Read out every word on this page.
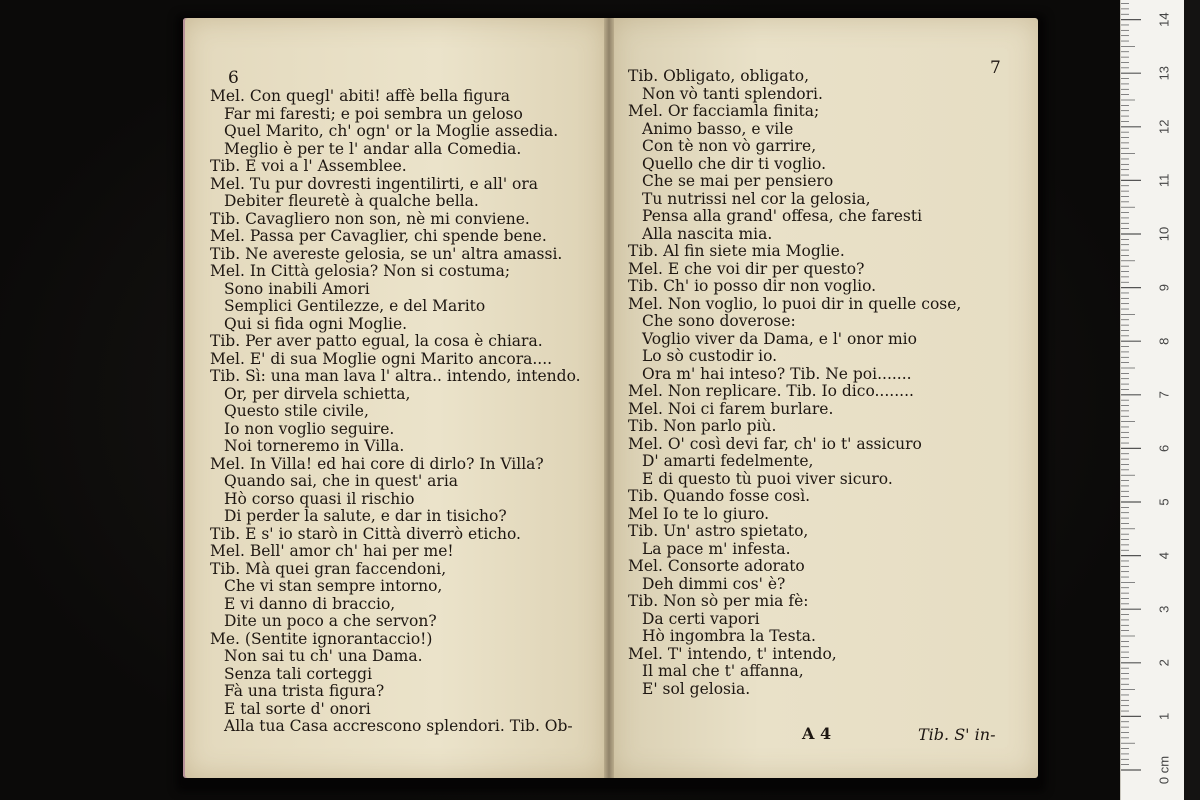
6	7
Mel. Con quegl' abiti! affè bella figura
Far mi faresti; e poi sembra un geloso
Quel Marito, ch' ogn' or la Moglie assedia.
Meglio è per te l' andar alla Comedia.
Tib. E voi a l' Assemblee.
Mel. Tu pur dovresti ingentilirti, e all' ora
Debiter fleuretè à qualche bella.
Tib. Cavagliero non son, nè mi conviene.
Mel. Passa per Cavaglier, chi spende bene.
Tib. Ne avereste gelosia, se un' altra amassi.
Mel. In Città gelosia? Non si costuma;
Sono inabili Amori
Semplici Gentilezze, e del Marito
Qui si fida ogni Moglie.
Tib. Per aver patto egual, la cosa è chiara.
Mel. E' di sua Moglie ogni Marito ancora....
Tib. Sì: una man lava l' altra.. intendo, intendo.
Or, per dirvela schietta,
Questo stile civile,
Io non voglio seguire.
Noi torneremo in Villa.
Mel. In Villa! ed hai core di dirlo? In Villa?
Quando sai, che in quest' aria
Hò corso quasi il rischio
Di perder la salute, e dar in tisicho?
Tib. E s' io starò in Città diverrò eticho.
Mel. Bell' amor ch' hai per me!
Tib. Mà quei gran faccendoni,
Che vi stan sempre intorno,
E vi danno di braccio,
Dite un poco a che servon?
Me. (Sentite ignorantaccio!)
Non sai tu ch' una Dama.
Senza tali corteggi
Fà una trista figura?
E tal sorte d' onori
Alla tua Casa accrescono splendori. Tib. Ob-
Tib. Obligato, obligato,
Non vò tanti splendori.
Mel. Or facciamla finita;
Animo basso, e vile
Con tè non vò garrire,
Quello che dir ti voglio.
Che se mai per pensiero
Tu nutrissi nel cor la gelosia,
Pensa alla grand' offesa, che faresti
Alla nascita mia.
Tib. Al fin siete mia Moglie.
Mel. E che voi dir per questo?
Tib. Ch' io posso dir non voglio.
Mel. Non voglio, lo puoi dir in quelle cose,
Che sono doverose:
Voglio viver da Dama, e l' onor mio
Lo sò custodir io.
Ora m' hai inteso? Tib. Ne poi.......
Mel. Non replicare. Tib. Io dico........
Mel. Noi ci farem burlare.
Tib. Non parlo più.
Mel. O' così devi far, ch' io t' assicuro
D' amarti fedelmente,
E di questo tù puoi viver sicuro.
Tib. Quando fosse così.
Mel Io te lo giuro.
Tib. Un' astro spietato,
La pace m' infesta.
Mel. Consorte adorato
Deh dimmi cos' è?
Tib. Non sò per mia fè:
Da certi vapori
Hò ingombra la Testa.
Mel. T' intendo, t' intendo,
Il mal che t' affanna,
E' sol gelosia.
A 4	Tib. S' in-
0 cm
1
2
3
4
5
6
7
8
9
10
11
12
13
14
